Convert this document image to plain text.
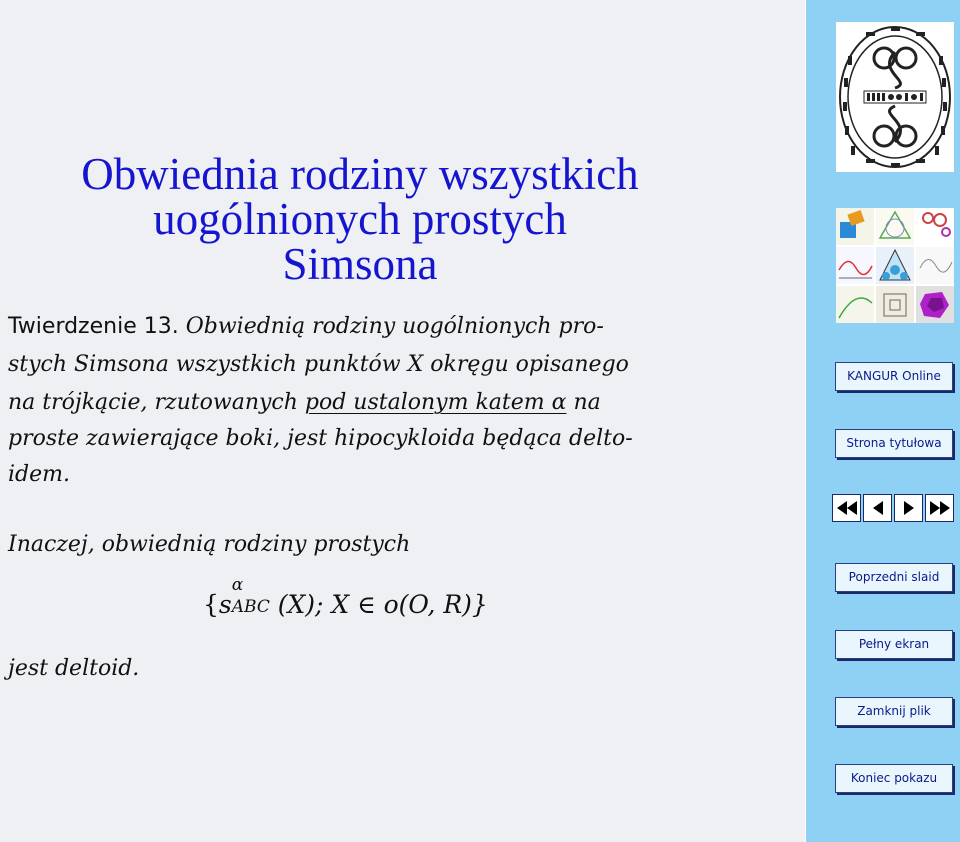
Obwiednia rodziny wszystkich
uogólnionych prostych
Simsona
Twierdzenie 13. Obwiednią rodziny uogólnionych pro-
stych Simsona wszystkich punktów X okręgu opisanego
na trójkącie, rzutowanych pod ustalonym katem α na
proste zawierające boki, jest hipocykloida będąca delto-
idem.
Inaczej, obwiednią rodziny prostych
{s
α
ABC (X); X ∈ o(O, R)}
jest deltoid.
KANGUR Online
Strona tytułowa
Poprzedni slaid
Pełny ekran
Zamknij plik
Koniec pokazu
